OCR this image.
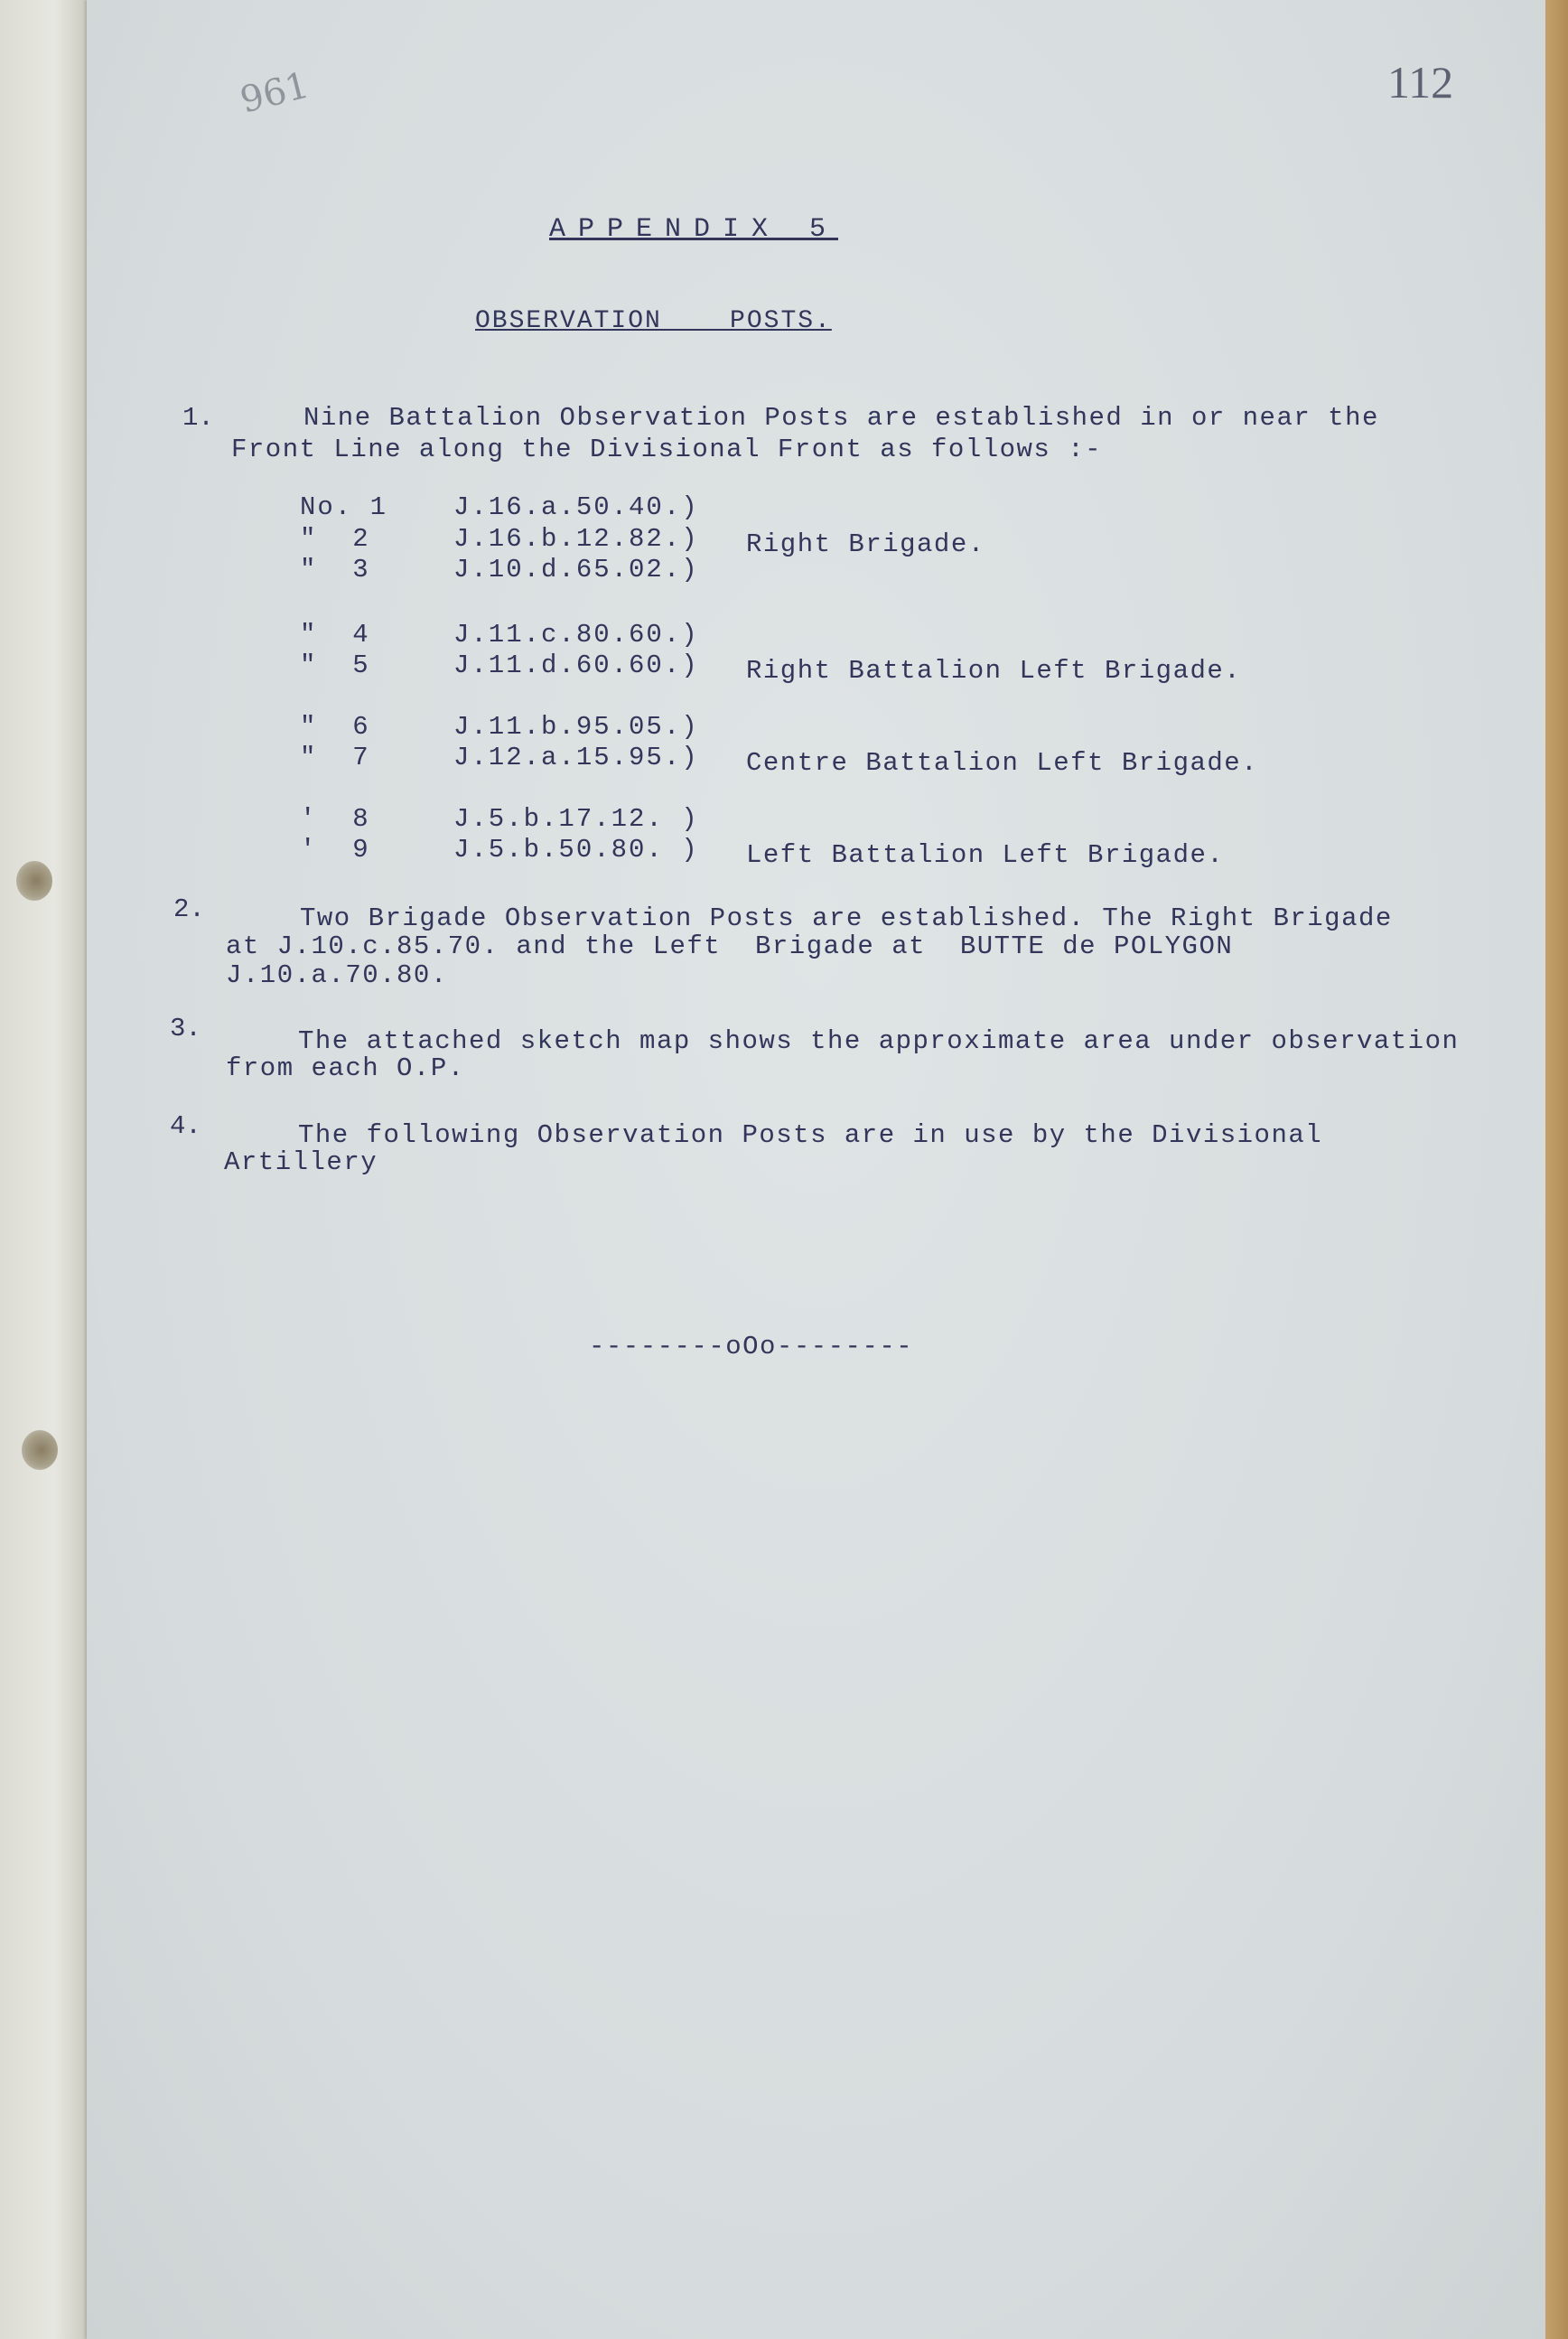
961	112
APPENDIX 5
OBSERVATION    POSTS.
1.	Nine Battalion Observation Posts are established in or near the
Front Line along the Divisional Front as follows :-
No. 1	J.16.a.50.40.)
"  2	J.16.b.12.82.)
"  3	J.10.d.65.02.)
Right Brigade.
"  4	J.11.c.80.60.)
"  5	J.11.d.60.60.) Right Battalion Left Brigade.
"  6	J.11.b.95.05.)
"  7	J.12.a.15.95.) Centre Battalion Left Brigade.
'  8	J.5.b.17.12. )
'  9	J.5.b.50.80. ) Left Battalion Left Brigade.
2.	Two Brigade Observation Posts are established. The Right Brigade
at J.10.c.85.70. and the Left  Brigade at  BUTTE de POLYGON
J.10.a.70.80.
3.	The attached sketch map shows the approximate area under observation
from each O.P.
4.	The following Observation Posts are in use by the Divisional
Artillery
--------oOo--------
